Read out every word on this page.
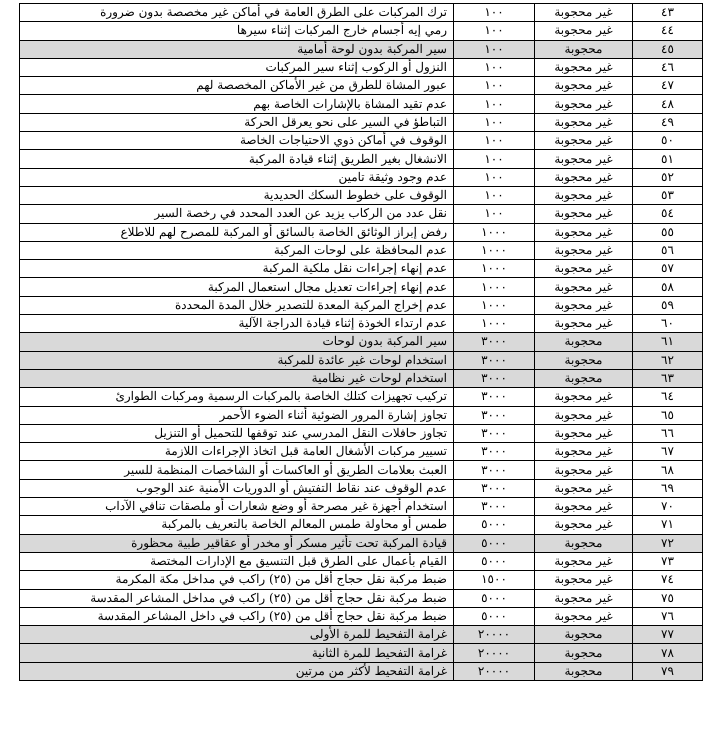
ترك المركبات على الطرق العامة في أماكن غير مخصصة بدون ضرورة	١٠٠	غير محجوبة	٤٣
رمي إيه أجسام خارج المركبات إثناء سيرها	١٠٠	غير محجوبة	٤٤
سير المركبة بدون لوحة أمامية	١٠٠	محجوبة	٤٥
النزول أو الركوب إثناء سير المركبات	١٠٠	غير محجوبة	٤٦
عبور المشاة للطرق من غير الأماكن المخصصة لهم	١٠٠	غير محجوبة	٤٧
عدم تقيد المشاة بالإشارات الخاصة بهم	١٠٠	غير محجوبة	٤٨
التباطؤ في السير على نحو يعرقل الحركة	١٠٠	غير محجوبة	٤٩
الوقوف في أماكن ذوي الاحتياجات الخاصة	١٠٠	غير محجوبة	٥٠
الانشغال بغير الطريق إثناء قيادة المركبة	١٠٠	غير محجوبة	٥١
عدم وجود وثيقة تامين	١٠٠	غير محجوبة	٥٢
الوقوف على خطوط السكك الحديدية	١٠٠	غير محجوبة	٥٣
نقل عدد من الركاب يزيد عن العدد المحدد في رخصة السير	١٠٠	غير محجوبة	٥٤
رفض إبراز الوثائق الخاصة بالسائق أو المركبة للمصرح لهم للاطلاع	١٠٠٠	غير محجوبة	٥٥
عدم المحافظة على لوحات المركبة	١٠٠٠	غير محجوبة	٥٦
عدم إنهاء إجراءات نقل ملكية المركبة	١٠٠٠	غير محجوبة	٥٧
عدم إنهاء إجراءات تعديل مجال استعمال المركبة	١٠٠٠	غير محجوبة	٥٨
عدم إخراج المركبة المعدة للتصدير خلال المدة المحددة	١٠٠٠	غير محجوبة	٥٩
عدم ارتداء الخوذة إثناء قيادة الدراجة الآلية	١٠٠٠	غير محجوبة	٦٠
سير المركبة بدون لوحات	٣٠٠٠	محجوبة	٦١
استخدام لوحات غير عائدة للمركبة	٣٠٠٠	محجوبة	٦٢
استخدام لوحات غير نظامية	٣٠٠٠	محجوبة	٦٣
تركيب تجهيزات كتلك الخاصة بالمركبات الرسمية ومركبات الطوارئ	٣٠٠٠	غير محجوبة	٦٤
تجاوز إشارة المرور الضوئية أثناء الضوء الأحمر	٣٠٠٠	غير محجوبة	٦٥
تجاوز حافلات النقل المدرسي عند توقفها للتحميل أو التنزيل	٣٠٠٠	غير محجوبة	٦٦
تسيير مركبات الأشغال العامة قبل اتخاذ الإجراءات اللازمة	٣٠٠٠	غير محجوبة	٦٧
العبث بعلامات الطريق أو العاكسات أو الشاخصات المنظمة للسير	٣٠٠٠	غير محجوبة	٦٨
عدم الوقوف عند نقاط التفتيش أو الدوريات الأمنية عند الوجوب	٣٠٠٠	غير محجوبة	٦٩
استخدام أجهزة غير مصرحة أو وضع شعارات أو ملصقات تنافي الآداب	٣٠٠٠	غير محجوبة	٧٠
طمس أو محاولة طمس المعالم الخاصة بالتعريف بالمركبة	٥٠٠٠	غير محجوبة	٧١
قيادة المركبة تحت تأثير مسكر أو مخدر أو عقاقير طبية محظورة	٥٠٠٠	محجوبة	٧٢
القيام بأعمال على الطرق قبل التنسيق مع الإدارات المختصة	٥٠٠٠	غير محجوبة	٧٣
ضبط مركبة نقل حجاج أقل من (٢٥) راكب في مداخل مكة المكرمة	١٥٠٠	غير محجوبة	٧٤
ضبط مركبة نقل حجاج أقل من (٢٥) راكب في مداخل المشاعر المقدسة	٥٠٠٠	غير محجوبة	٧٥
ضبط مركبة نقل حجاج أقل من (٢٥) راكب في داخل المشاعر المقدسة	٥٠٠٠	غير محجوبة	٧٦
غرامة التفحيط للمرة الأولى	٢٠٠٠٠	محجوبة	٧٧
غرامة التفحيط للمرة الثانية	٢٠٠٠٠	محجوبة	٧٨
غرامة التفحيط لأكثر من مرتين	٢٠٠٠٠	محجوبة	٧٩
